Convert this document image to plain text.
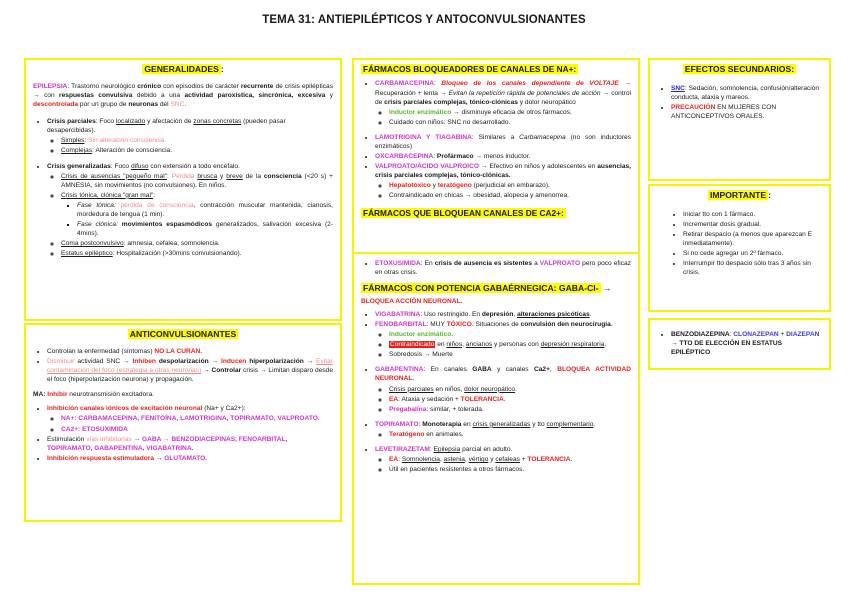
TEMA 31: ANTIEPILÉPTICOS Y ANTOCONVULSIONANTES
GENERALIDADES :

EPILEPSIA: Trastorno neurológico crónico con episodios de carácter recurrente de crisis epilépticas → con respuestas convulsiva debido a una actividad paroxística, sincrónica, excesiva y descontrolada por un grupo de neuronas del SNC.

• Crisis parciales: Foco localizado y afectación de zonas concretas (pueden pasar desapercibidas).
◦ Simples: Sin alteración consciencia.
◦ Complejas: Alteración de consciencia.
• Crisis generalizadas: Foco difuso con extensión a todo encéfalo.
◦ Crisis de ausencias "pequeño mal": Pérdida brusca y breve de la consciencia (<20 s) + AMNESIA, sin movimientos (no convulsiones). En niños.
◦ Crisis tónica, clónica "gran mal":
▪ Fase tónica: pérdida de consciencia, contracción muscular mantenida, cianosis, mordedura de tengua (1 min).
▪ Fase clónica: movimientos espasmódicos generalizados, salivación excesiva (2-4mins).
◦ Coma postconvulsivo: amnesia, cefalea, somnolencia.
◦ Estatus epiléptico: Hospitalización (>30mins convulsionando).
ANTICONVULSIONANTES
• Controlan la enfermedad (síntomas) NO LA CURAN.
• Disminuir actividad SNC → Inhiben despolarización → Inducen hiperpolarización → Evitar contaminación del foco (estrategia a otras neuronas) → Controlar crisis → Limitan disparo desde el foco (hiperpolarización neurona) y propagación.

MA: Inhibir neurotransmisión excitadora.

• Inhibición canales iónicos de excitación neuronal (Na+ y Ca2+):
◦ NA+: CARBAMACEPINA, FENITOÍNA, LAMOTRIGINA, TOPIRAMATO, VALPROATO.
◦ CA2+: ETOSUXIMIDA
• Estimulación vías inhibitorias → GABA → BENZODIACEPINAS, FENOARBITAL, TOPIRAMATO, GABAPENTINA, VIGABATRINA.
• Inhibición respuesta estimuladora → GLUTAMATO.
FÁRMACOS BLOQUEADORES DE CANALES DE NA+:
• CARBAMACEPINA: Bloqueo de los canales dependiente de VOLTAJE → Recuperación + lenta → Evitan la repetición rápida de potenciales de acción → control de crisis parciales complejas, tónico-clónicas y dolor neuropático
◦ Inductor enzimático → disminuye eficacia de otros fármacos.
◦ Cuidado con niños: SNC no desarrollado.
• LAMOTRIGINA Y TIAGABINA: Similares a Carbamacepina (no son inductores enzimáticos)
• OXCARBACEPINA: Profármaco → menos inductor.
• VALPROATO/ÁCIDO VALPROICO → Efectivo en niños y adolescentes en ausencias, crisis parciales complejas, tónico-clónicas.
◦ Hepatotóxico y teratógeno (perjudicial en embarazo).
◦ Contraindicado en chicas → obesidad, alopecia y amenorrea.
FÁRMACOS QUE BLOQUEAN CANALES DE CA2+:
• ETOXUSIMIDA: En crisis de ausencia es sistentes a VALPROATO pero poco eficaz en otras crisis.
FÁRMACOS CON POTENCIA GABAÉRNEGICA: GABA-Cl- → BLOQUEA ACCIÓN NEURONAL.
• VIGABATRINA: Uso restringido. En depresión, alteraciones psicóticas.
• FENOBARBITAL: MUY TÓXICO. Situaciones de convulsión den neurocirugía.
◦ Inductor enzimático.
◦ Contraindicado en niños, ancianos y personas con depresión respiratoria.
◦ Sobredosis → Muerte
• GABAPENTINA: En canales GABA y canales Ca2+, BLOQUEA ACTIVIDAD NEURONAL.
◦ Crisis parciales en niños, dolor neuropático.
◦ EA: Ataxia y sedación + TOLERANCIA.
◦ Pregabalina: similar, + tolerada.
• TOPIRAMATO: Monoterapia en crisis generalizadas y tto complementario.
◦ Teratógeno en animales.
• LEVETIRAZETAM: Epilepsia parcial en adulto.
◦ EA: Somnolencia, astenia, vértigo y cefaleas + TOLERANCIA.
◦ Útil en pacientes resistentes a otros fármacos.
EFECTOS SECUNDARIOS:
• SNC: Sedación, somnolencia, confusión/alteración conducta, ataxia y mareos.
• PRECAUCIÓN EN MUJERES CON ANTICONCEPTIVOS ORALES.
IMPORTANTE :
• Iniciar tto con 1 fármaco.
• Incrementar dosis gradual.
• Retirar despacio (a menos que aparezcan E inmediatamente).
• Si no cede agregar un 2º fármaco.
• Interrumpir tto despacio sólo tras 3 años sin crisis.
• BENZODIAZEPINA: CLONAZEPAN + DIAZEPAN → TTO DE ELECCIÓN EN ESTATUS EPILÉPTICO
